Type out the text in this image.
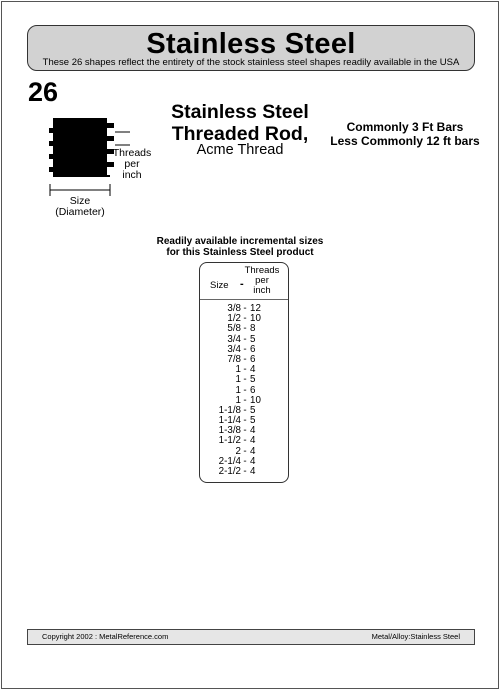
Stainless Steel
These 26 shapes reflect the entirety of the stock stainless steel shapes readily available in the USA
26
Stainless Steel
Threaded Rod,
Acme Thread
Commonly 3 Ft Bars
Less Commonly 12 ft bars
Threads
per
inch
Size
(Diameter)
Readily available incremental sizes
for this Stainless Steel product
Size -
Threads
per
inch
3/8 - 12
1/2 - 10
5/8 - 8
3/4 - 5
3/4 - 6
7/8 - 6
1 - 4
1 - 5
1 - 6
1 - 10
1-1/8 - 5
1-1/4 - 5
1-3/8 - 4
1-1/2 - 4
2 - 4
2-1/4 - 4
2-1/2 - 4
Copyright 2002 : MetalReference.com	Metal/Alloy:Stainless Steel
